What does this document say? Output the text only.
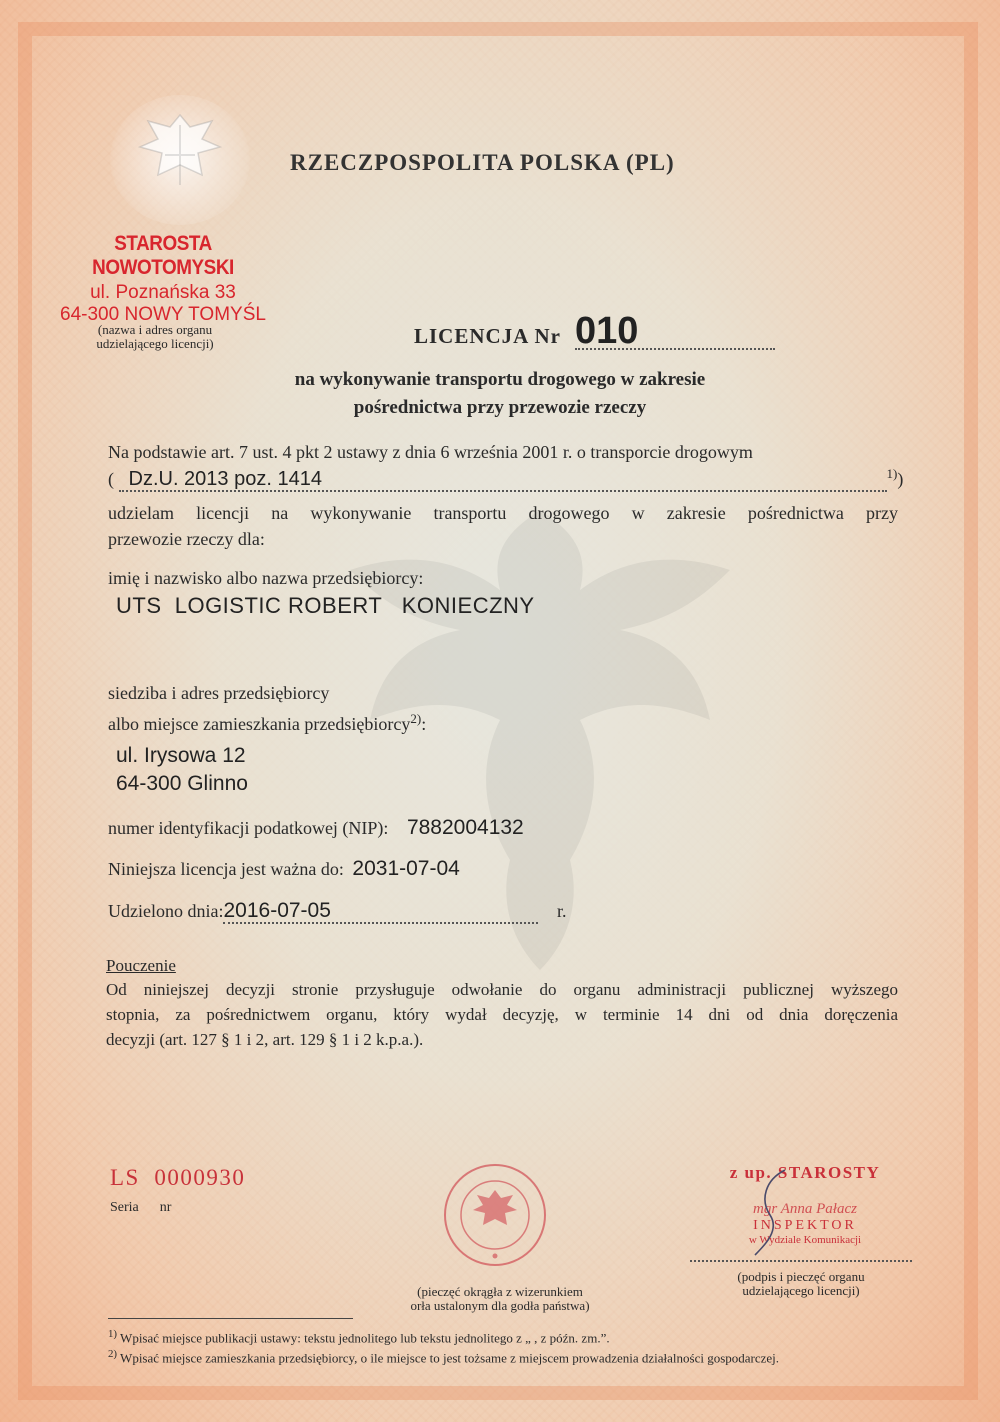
RZECZPOSPOLITA POLSKA (PL)
STAROSTA NOWOTOMYSKI
ul. Poznańska 33
64-300 NOWY TOMYŚL
(nazwa i adres organu
udzielającego licencji)	LICENCJA Nr 010
na wykonywanie transportu drogowego w zakresie
pośrednictwa przy przewozie rzeczy
Na podstawie art. 7 ust. 4 pkt 2 ustawy z dnia 6 września 2001 r. o transporcie drogowym
( Dz.U. 2013 poz. 1414	$^{1)}$)
udzielam licencji na wykonywanie transportu drogowego w zakresie pośrednictwa przy
przewozie rzeczy dla:
imię i nazwisko albo nazwa przedsiębiorcy:
UTS  LOGISTIC ROBERT   KONIECZNY
siedziba i adres przedsiębiorcy
albo miejsce zamieszkania przedsiębiorcy$^{2)}$:
ul. Irysowa 12
64-300 Glinno
numer identyfikacji podatkowej (NIP): 7882004132
Niniejsza licencja jest ważna do: 2031-07-04
Udzielono dnia:2016-07-05	r.
Pouczenie
Od niniejszej decyzji stronie przysługuje odwołanie do organu administracji publicznej wyższego
stopnia, za pośrednictwem organu, który wydał decyzję, w terminie 14 dni od dnia doręczenia
decyzji (art. 127 § 1 i 2, art. 129 § 1 i 2 k.p.a.).
LS  0000930
Seria      nr
(pieczęć okrągła z wizerunkiem
orła ustalonym dla godła państwa)
z up. STAROSTY
mgr Anna Pałacz
INSPEKTOR
w Wydziale Komunikacji
(podpis i pieczęć organu
udzielającego licencji)
$^{1)}$ Wpisać miejsce publikacji ustawy: tekstu jednolitego lub tekstu jednolitego z „ , z późn. zm.”.
$^{2)}$ Wpisać miejsce zamieszkania przedsiębiorcy, o ile miejsce to jest tożsame z miejscem prowadzenia działalności gospodarczej.
